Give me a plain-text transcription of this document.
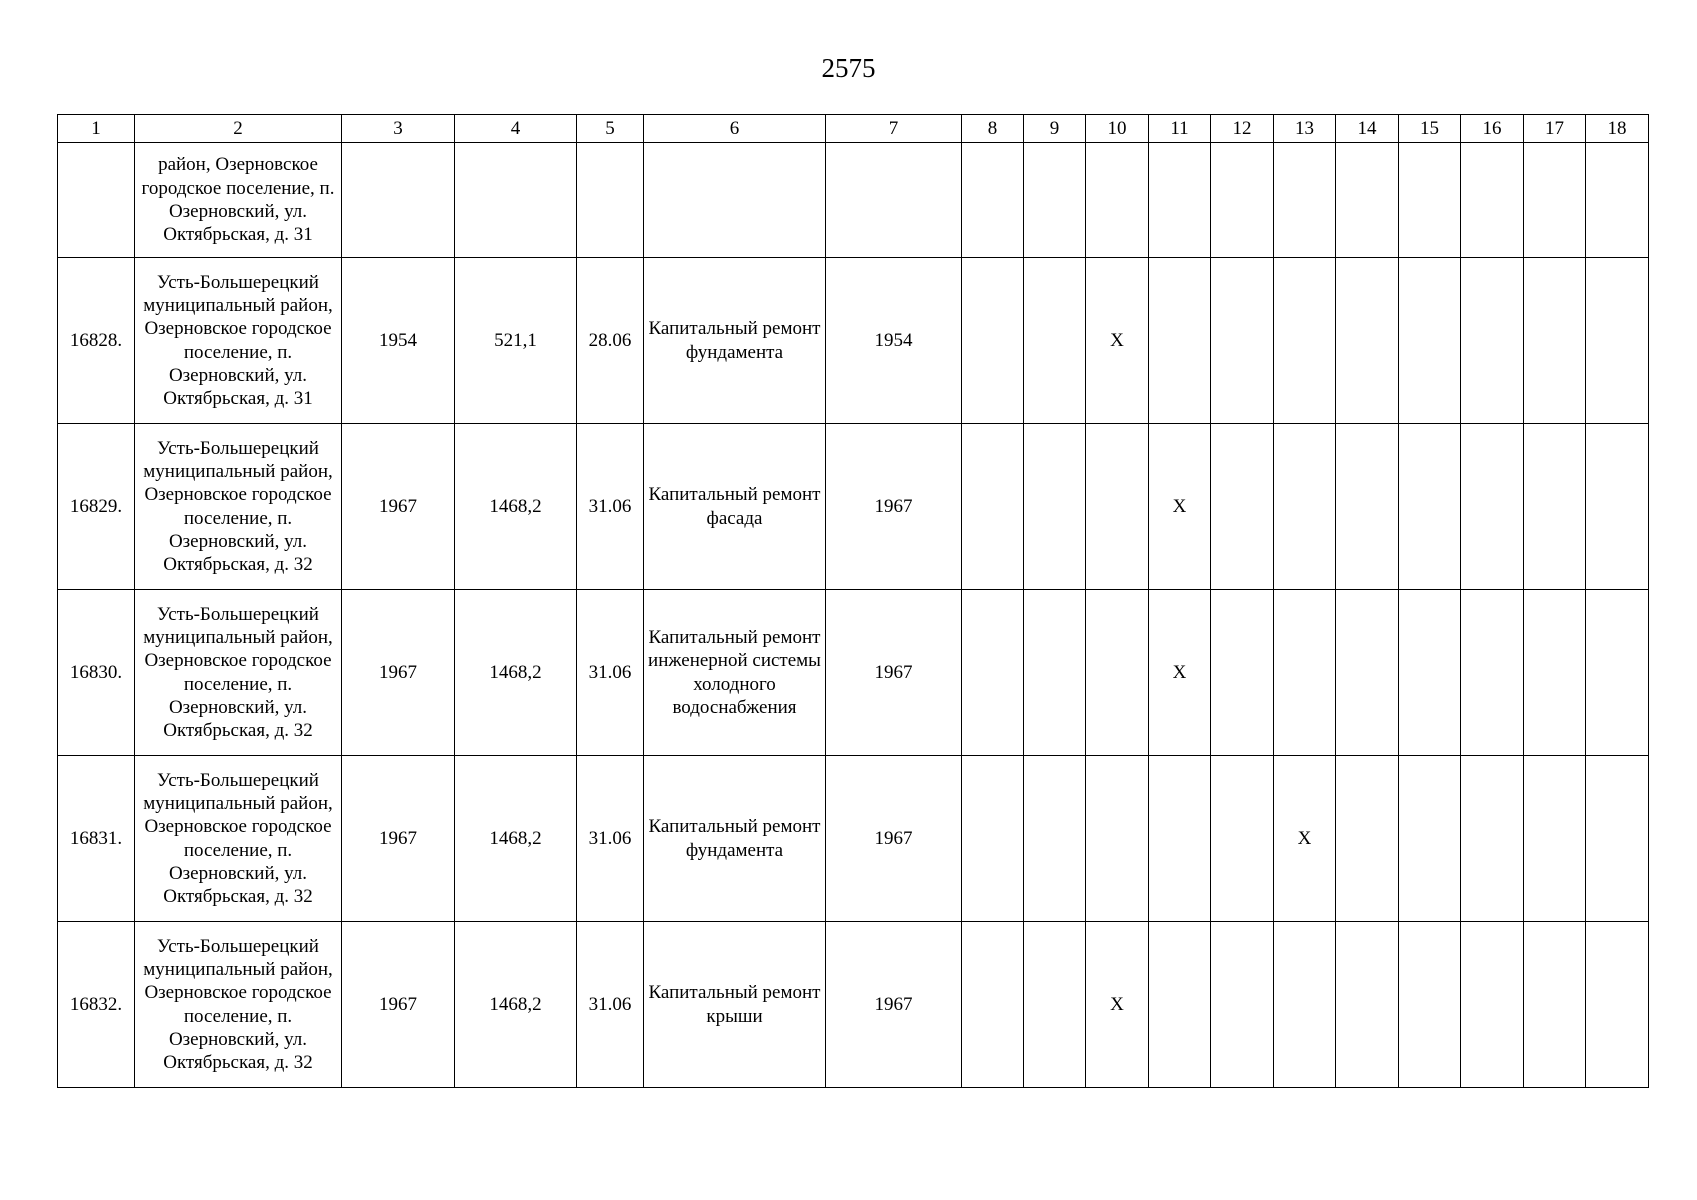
2575
1	2	3	4	5	6	7	8	9	10	11	12	13	14	15	16	17	18
	район, Озерновское городское поселение, п. Озерновский, ул. Октябрьская, д. 31																
16828.	Усть-Большерецкий муниципальный район, Озерновское городское поселение, п. Озерновский, ул. Октябрьская, д. 31	1954	521,1	28.06	Капитальный ремонт фундамента	1954			X								
16829.	Усть-Большерецкий муниципальный район, Озерновское городское поселение, п. Озерновский, ул. Октябрьская, д. 32	1967	1468,2	31.06	Капитальный ремонт фасада	1967				X							
16830.	Усть-Большерецкий муниципальный район, Озерновское городское поселение, п. Озерновский, ул. Октябрьская, д. 32	1967	1468,2	31.06	Капитальный ремонт инженерной системы холодного водоснабжения	1967				X							
16831.	Усть-Большерецкий муниципальный район, Озерновское городское поселение, п. Озерновский, ул. Октябрьская, д. 32	1967	1468,2	31.06	Капитальный ремонт фундамента	1967						X					
16832.	Усть-Большерецкий муниципальный район, Озерновское городское поселение, п. Озерновский, ул. Октябрьская, д. 32	1967	1468,2	31.06	Капитальный ремонт крыши	1967			X								
